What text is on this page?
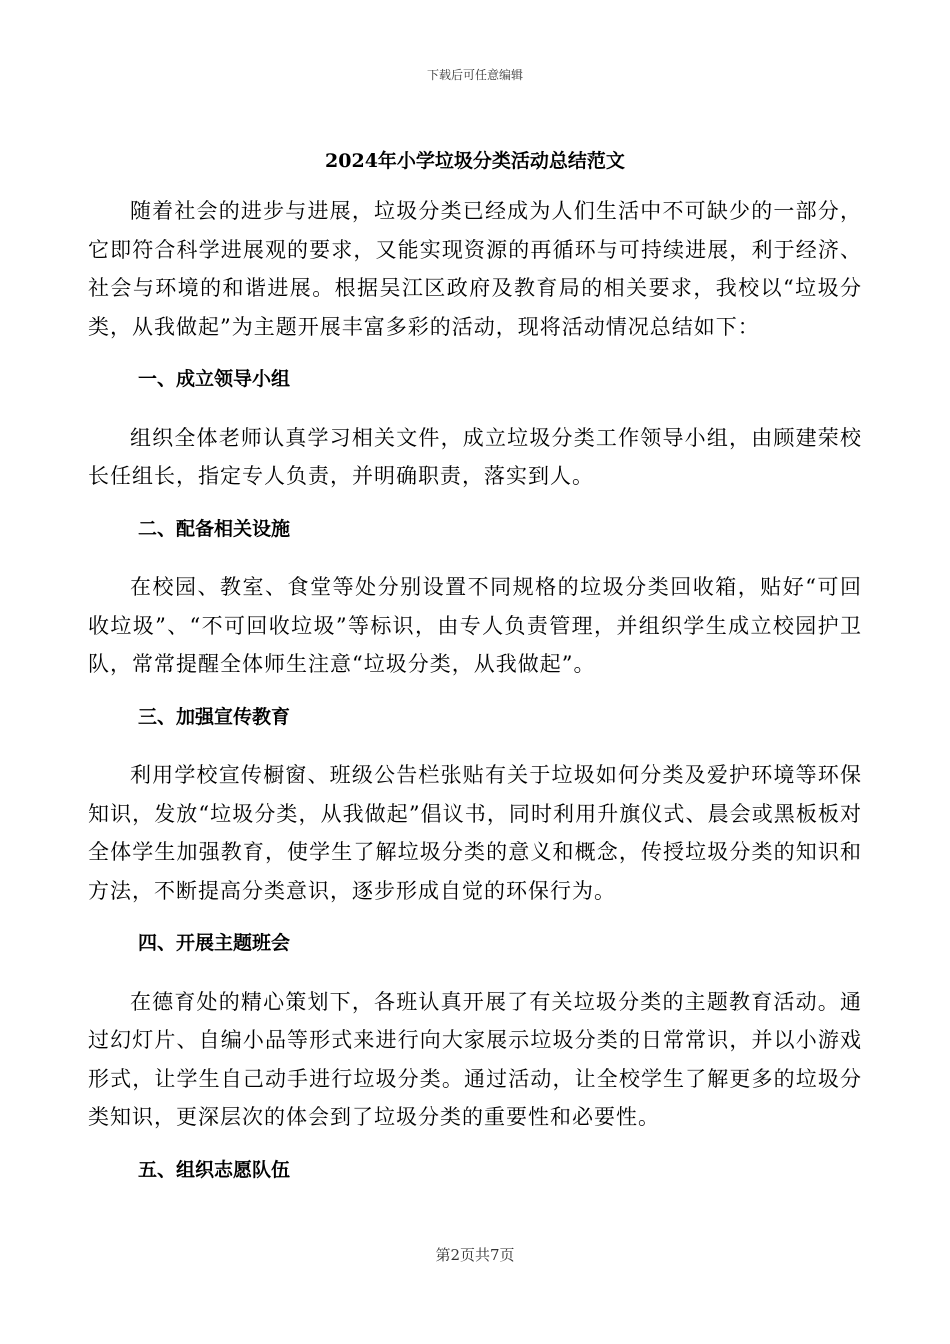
下载后可任意编辑
2024年小学垃圾分类活动总结范文

随着社会的进步与进展，垃圾分类已经成为人们生活中不可缺少的一部分，它即符合科学进展观的要求，又能实现资源的再循环与可持续进展，利于经济、社会与环境的和谐进展。根据吴江区政府及教育局的相关要求，我校以“垃圾分类，从我做起”为主题开展丰富多彩的活动，现将活动情况总结如下：

一、成立领导小组

组织全体老师认真学习相关文件，成立垃圾分类工作领导小组，由顾建荣校长任组长，指定专人负责，并明确职责，落实到人。

二、配备相关设施

在校园、教室、食堂等处分别设置不同规格的垃圾分类回收箱，贴好“可回收垃圾”、“不可回收垃圾”等标识，由专人负责管理，并组织学生成立校园护卫队，常常提醒全体师生注意“垃圾分类，从我做起”。

三、加强宣传教育

利用学校宣传橱窗、班级公告栏张贴有关于垃圾如何分类及爱护环境等环保知识，发放“垃圾分类，从我做起”倡议书，同时利用升旗仪式、晨会或黑板板对全体学生加强教育，使学生了解垃圾分类的意义和概念，传授垃圾分类的知识和方法，不断提高分类意识，逐步形成自觉的环保行为。

四、开展主题班会

在德育处的精心策划下，各班认真开展了有关垃圾分类的主题教育活动。通过幻灯片、自编小品等形式来进行向大家展示垃圾分类的日常常识，并以小游戏形式，让学生自己动手进行垃圾分类。通过活动，让全校学生了解更多的垃圾分类知识，更深层次的体会到了垃圾分类的重要性和必要性。

五、组织志愿队伍

第2页共7页
